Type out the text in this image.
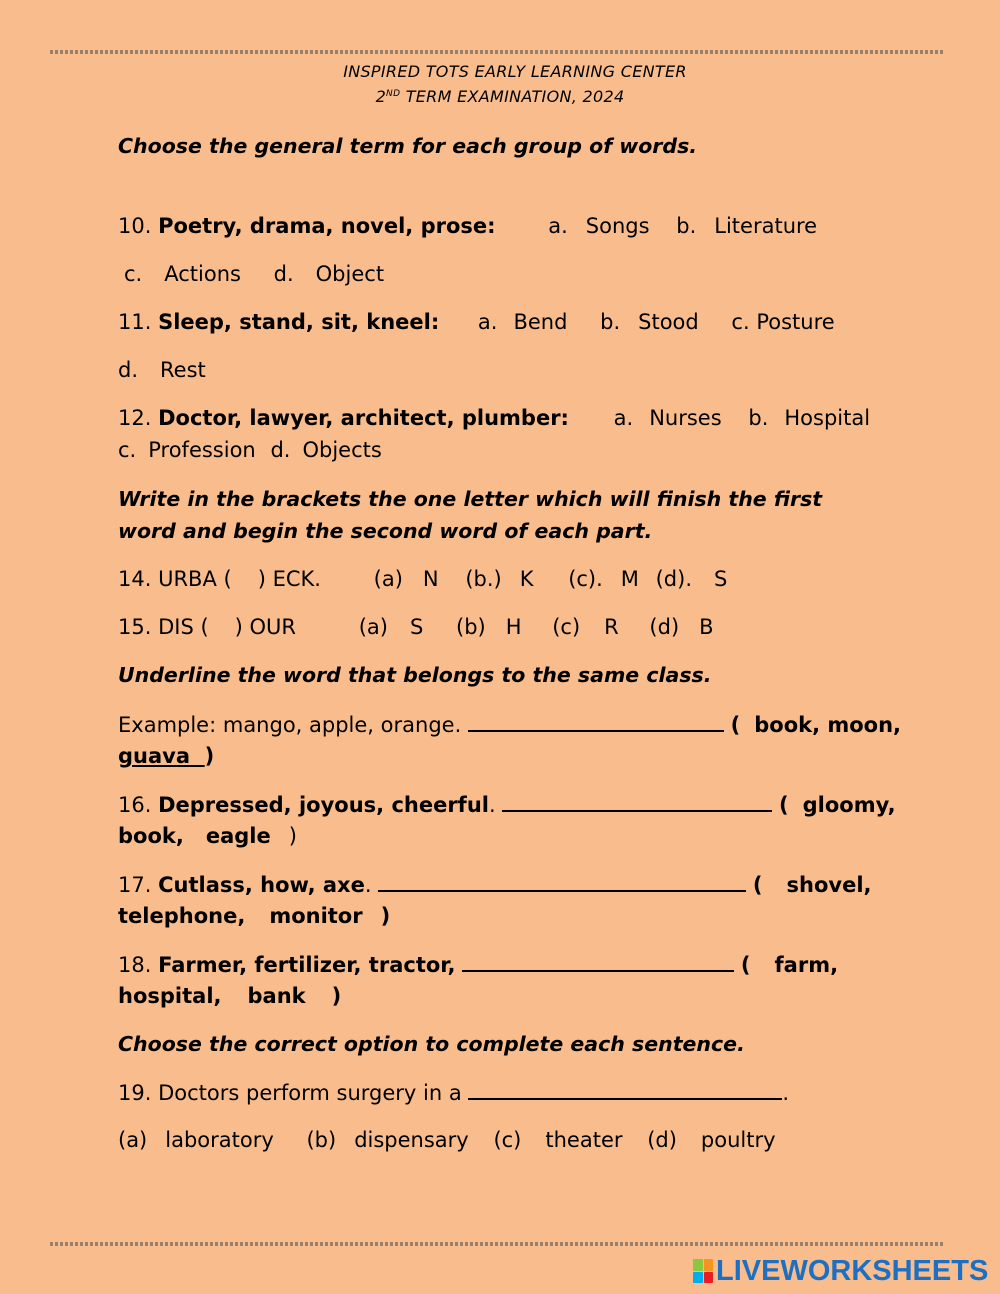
INSPIRED TOTS EARLY LEARNING CENTER
2ND TERM EXAMINATION, 2024
Choose the general term for each group of words.
10. Poetry, drama, novel, prose:	a. Songs b. Literature
c. Actions d. Object
11. Sleep, stand, sit, kneel: a. Bend b. Stood c. Posture
d. Rest
12. Doctor, lawyer, architect, plumber: a. Nurses b. Hospital
c. Profession d. Objects
Write in the brackets the one letter which will finish the first
word and begin the second word of each part.
14. URBA ( ) ECK.	(a) N (b.) K (c). M (d). S
15. DIS ( ) OUR	(a) S (b) H (c) R (d) B
Underline the word that belongs to the same class.
Example: mango, apple, orange.	( book, moon,
guava )
16. Depressed, joyous, cheerful.	( gloomy,
book, eagle )
17. Cutlass, how, axe.	( shovel,
telephone, monitor )
18. Farmer, fertilizer, tractor,	( farm,
hospital, bank )
Choose the correct option to complete each sentence.
19. Doctors perform surgery in a	.
(a) laboratory (b) dispensary (c) theater (d) poultry
LIVEWORKSHEETS
